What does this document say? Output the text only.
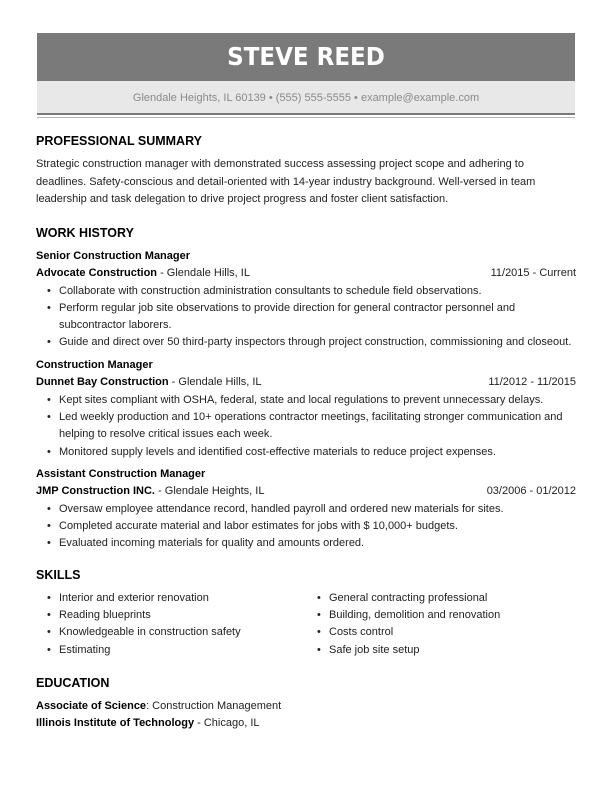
STEVE REED
Glendale Heights, IL 60139 • (555) 555-5555 • example@example.com

PROFESSIONAL SUMMARY

Strategic construction manager with demonstrated success assessing project scope and adhering to deadlines. Safety-conscious and detail-oriented with 14-year industry background. Well-versed in team leadership and task delegation to drive project progress and foster client satisfaction.

WORK HISTORY

Senior Construction Manager
Advocate Construction - Glendale Hills, IL	11/2015 - Current
• Collaborate with construction administration consultants to schedule field observations.
• Perform regular job site observations to provide direction for general contractor personnel and subcontractor laborers.
• Guide and direct over 50 third-party inspectors through project construction, commissioning and closeout.
Construction Manager
Dunnet Bay Construction - Glendale Hills, IL	11/2012 - 11/2015
• Kept sites compliant with OSHA, federal, state and local regulations to prevent unnecessary delays.
• Led weekly production and 10+ operations contractor meetings, facilitating stronger communication and helping to resolve critical issues each week.
• Monitored supply levels and identified cost-effective materials to reduce project expenses.
Assistant Construction Manager
JMP Construction INC. - Glendale Heights, IL	03/2006 - 01/2012
• Oversaw employee attendance record, handled payroll and ordered new materials for sites.
• Completed accurate material and labor estimates for jobs with $ 10,000+ budgets.
• Evaluated incoming materials for quality and amounts ordered.

SKILLS

• Interior and exterior renovation
• Reading blueprints
• Knowledgeable in construction safety
• Estimating
• General contracting professional
• Building, demolition and renovation
• Costs control
• Safe job site setup

EDUCATION

Associate of Science: Construction Management
Illinois Institute of Technology - Chicago, IL
